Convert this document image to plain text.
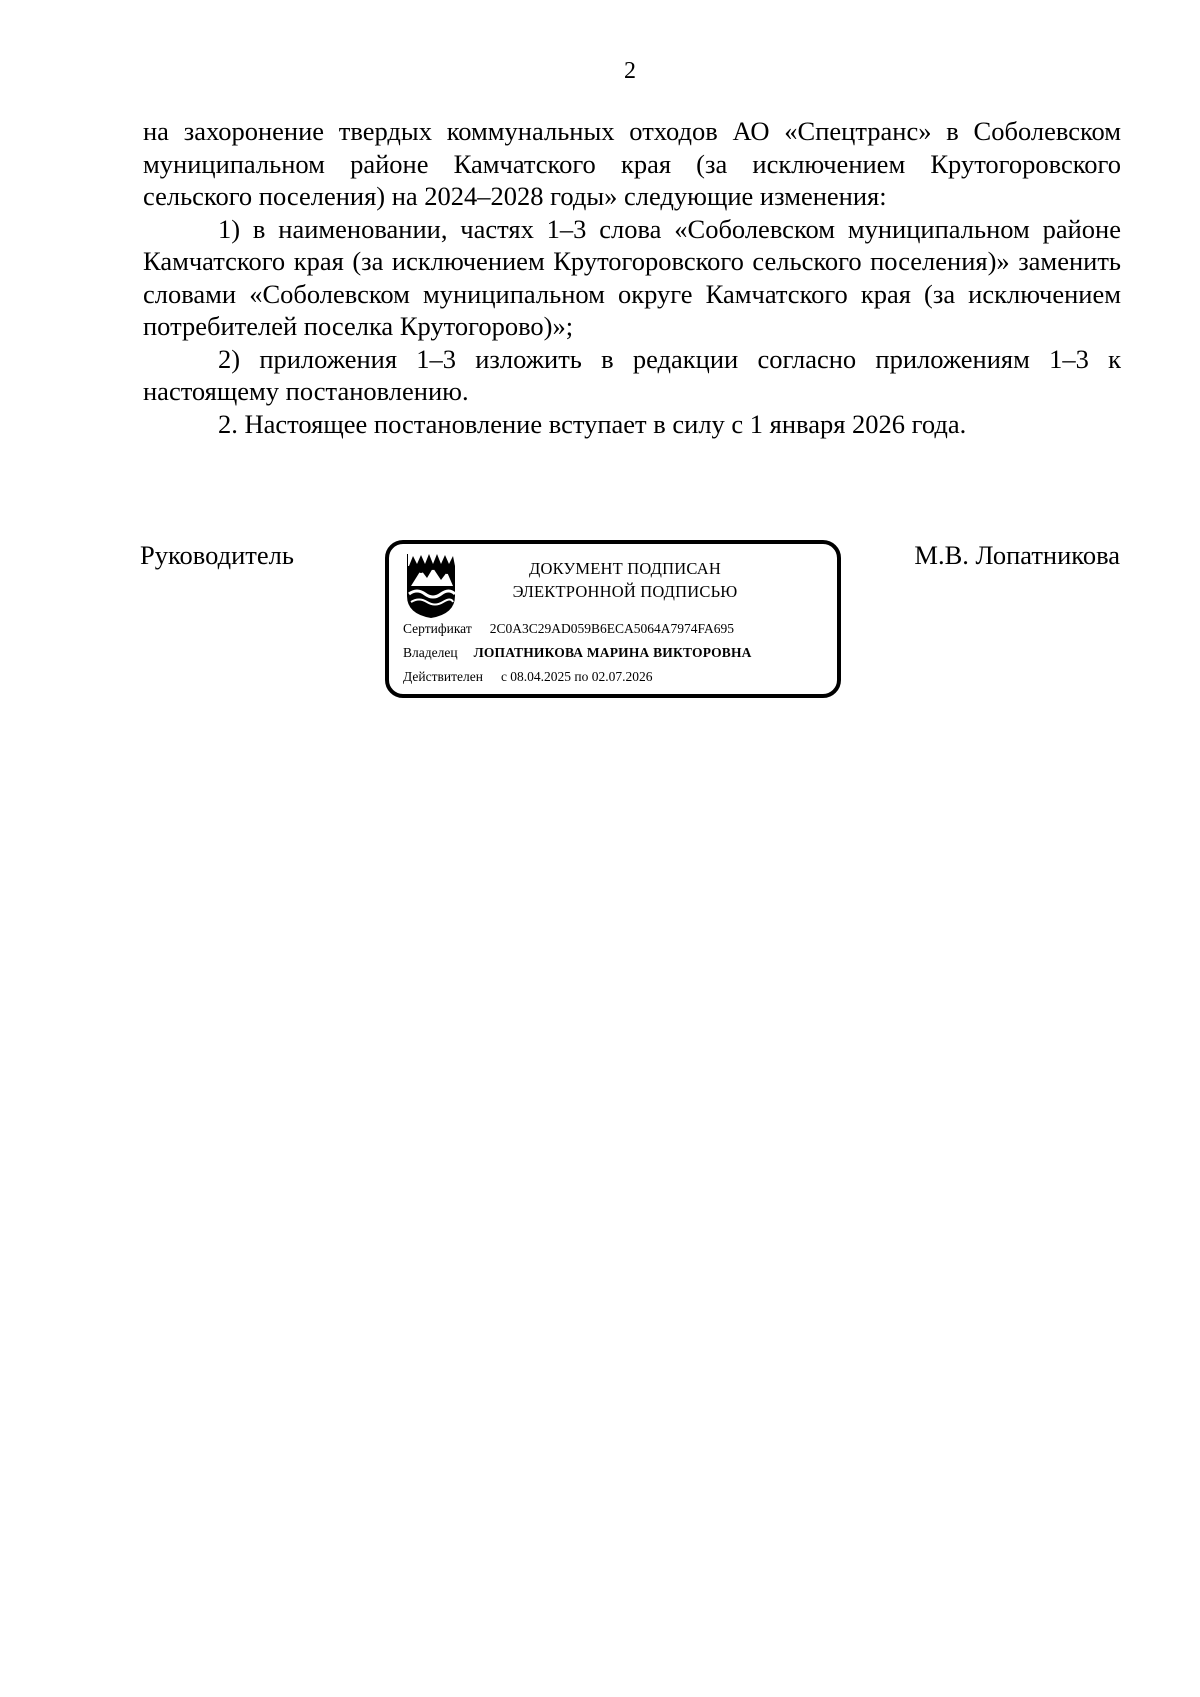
2

на захоронение твердых коммунальных отходов АО «Спецтранс» в Соболевском муниципальном районе Камчатского края (за исключением Крутогоровского сельского поселения) на 2024–2028 годы» следующие изменения:

1) в наименовании, частях 1–3 слова «Соболевском муниципальном районе Камчатского края (за исключением Крутогоровского сельского поселения)» заменить словами «Соболевском муниципальном округе Камчатского края (за исключением потребителей поселка Крутогорово)»;

2) приложения 1–3 изложить в редакции согласно приложениям 1–3 к настоящему постановлению.

2. Настоящее постановление вступает в силу с 1 января 2026 года.

Руководитель	ДОКУМЕНТ ПОДПИСАН
ЭЛЕКТРОННОЙ ПОДПИСЬЮ
Сертификат 2C0A3C29AD059B6ECA5064A7974FA695
Владелец ЛОПАТНИКОВА МАРИНА ВИКТОРОВНА
Действителен с 08.04.2025 по 02.07.2026
М.В. Лопатникова
